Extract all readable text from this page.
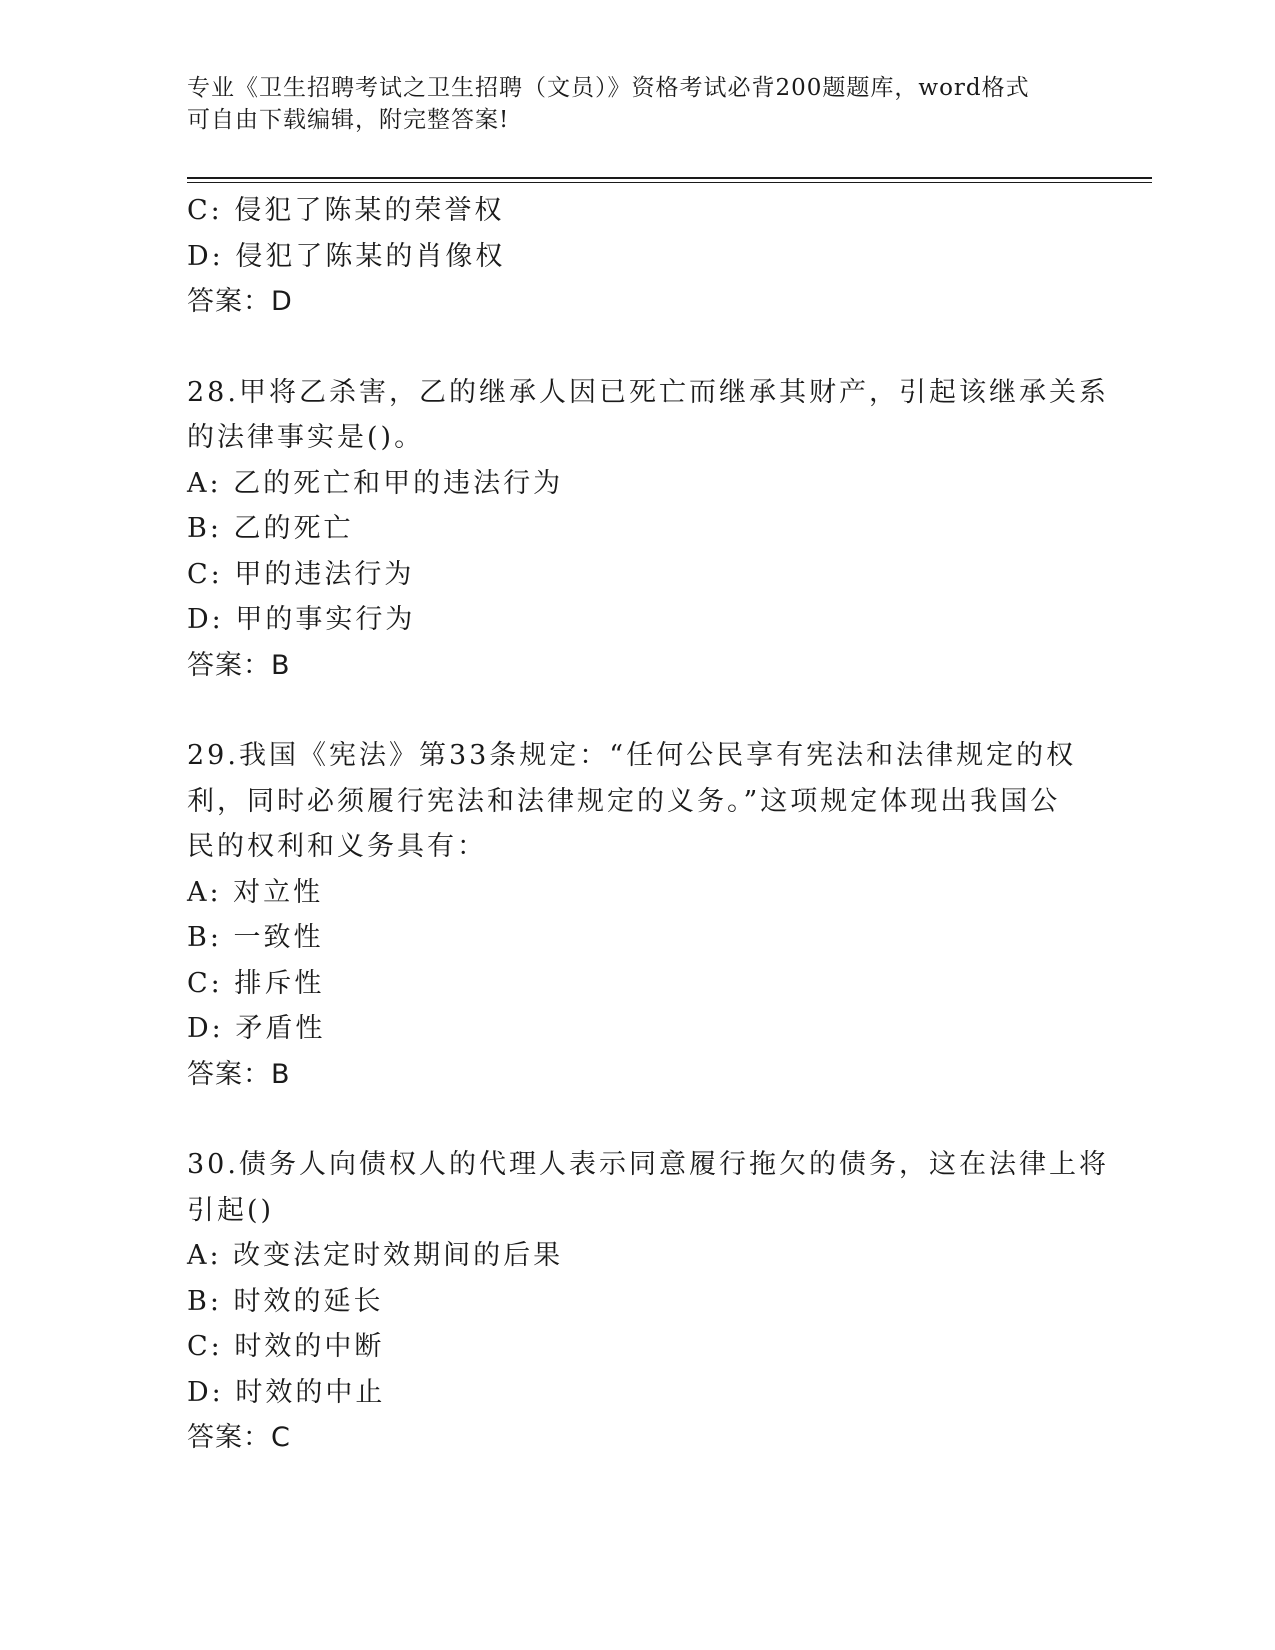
专业《卫生招聘考试之卫生招聘（文员）》资格考试必背200题题库，word格式
可自由下载编辑，附完整答案!
C: 侵犯了陈某的荣誉权
D: 侵犯了陈某的肖像权
答案：D
28.甲将乙杀害，乙的继承人因已死亡而继承其财产，引起该继承关系
的法律事实是()。
A: 乙的死亡和甲的违法行为
B: 乙的死亡
C: 甲的违法行为
D: 甲的事实行为
答案：B
29.我国《宪法》第33条规定：“任何公民享有宪法和法律规定的权
利，同时必须履行宪法和法律规定的义务。”这项规定体现出我国公
民的权利和义务具有：
A: 对立性
B: 一致性
C: 排斥性
D: 矛盾性
答案：B
30.债务人向债权人的代理人表示同意履行拖欠的债务，这在法律上将
引起()
A: 改变法定时效期间的后果
B: 时效的延长
C: 时效的中断
D: 时效的中止
答案：C
